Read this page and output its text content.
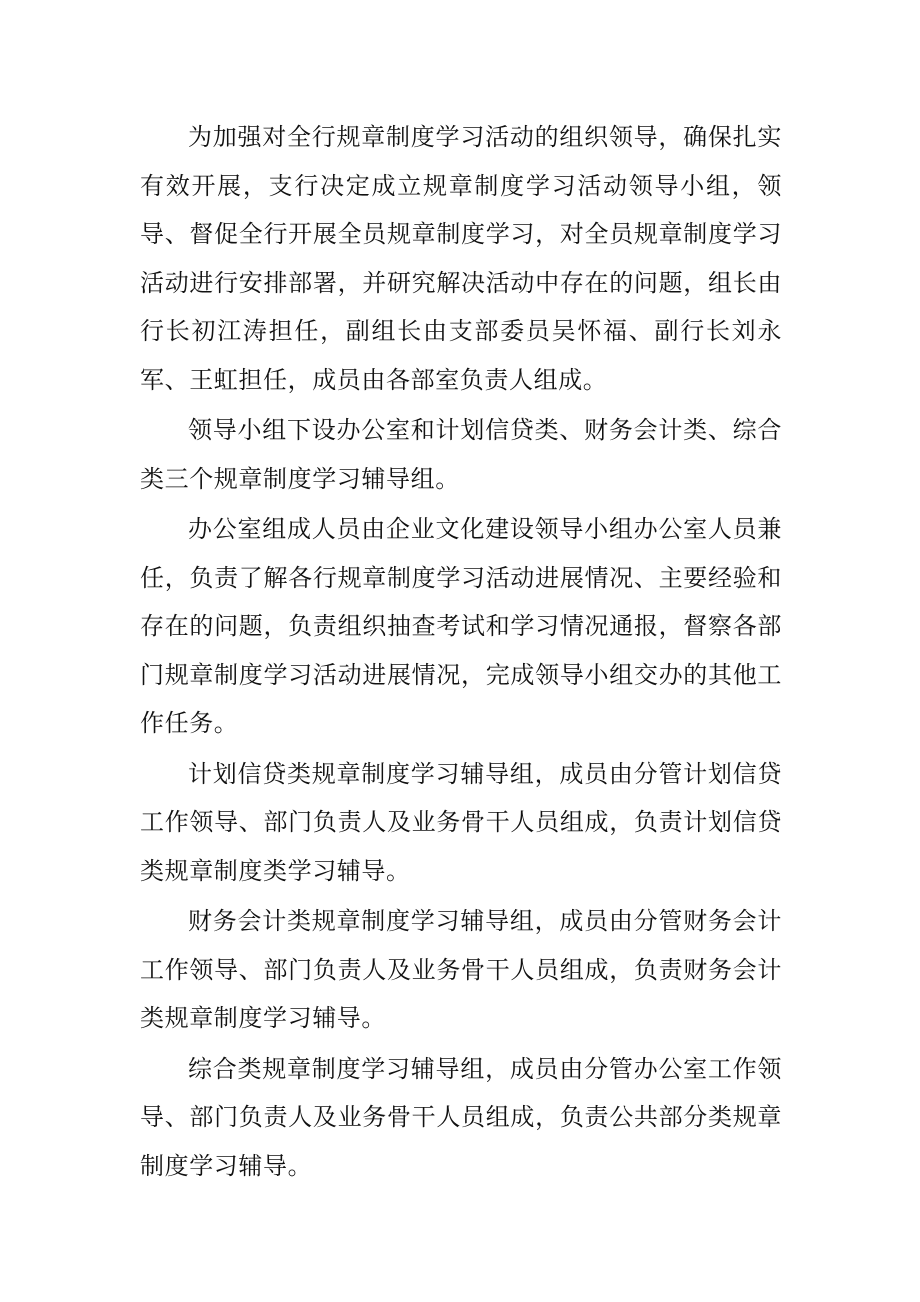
为加强对全行规章制度学习活动的组织领导，确保扎实有效开展，支行决定成立规章制度学习活动领导小组，领导、督促全行开展全员规章制度学习，对全员规章制度学习活动进行安排部署，并研究解决活动中存在的问题，组长由行长初江涛担任，副组长由支部委员吴怀福、副行长刘永军、王虹担任，成员由各部室负责人组成。

领导小组下设办公室和计划信贷类、财务会计类、综合类三个规章制度学习辅导组。

办公室组成人员由企业文化建设领导小组办公室人员兼任，负责了解各行规章制度学习活动进展情况、主要经验和存在的问题，负责组织抽查考试和学习情况通报，督察各部门规章制度学习活动进展情况，完成领导小组交办的其他工作任务。

计划信贷类规章制度学习辅导组，成员由分管计划信贷工作领导、部门负责人及业务骨干人员组成，负责计划信贷类规章制度类学习辅导。

财务会计类规章制度学习辅导组，成员由分管财务会计工作领导、部门负责人及业务骨干人员组成，负责财务会计类规章制度学习辅导。

综合类规章制度学习辅导组，成员由分管办公室工作领导、部门负责人及业务骨干人员组成，负责公共部分类规章制度学习辅导。
